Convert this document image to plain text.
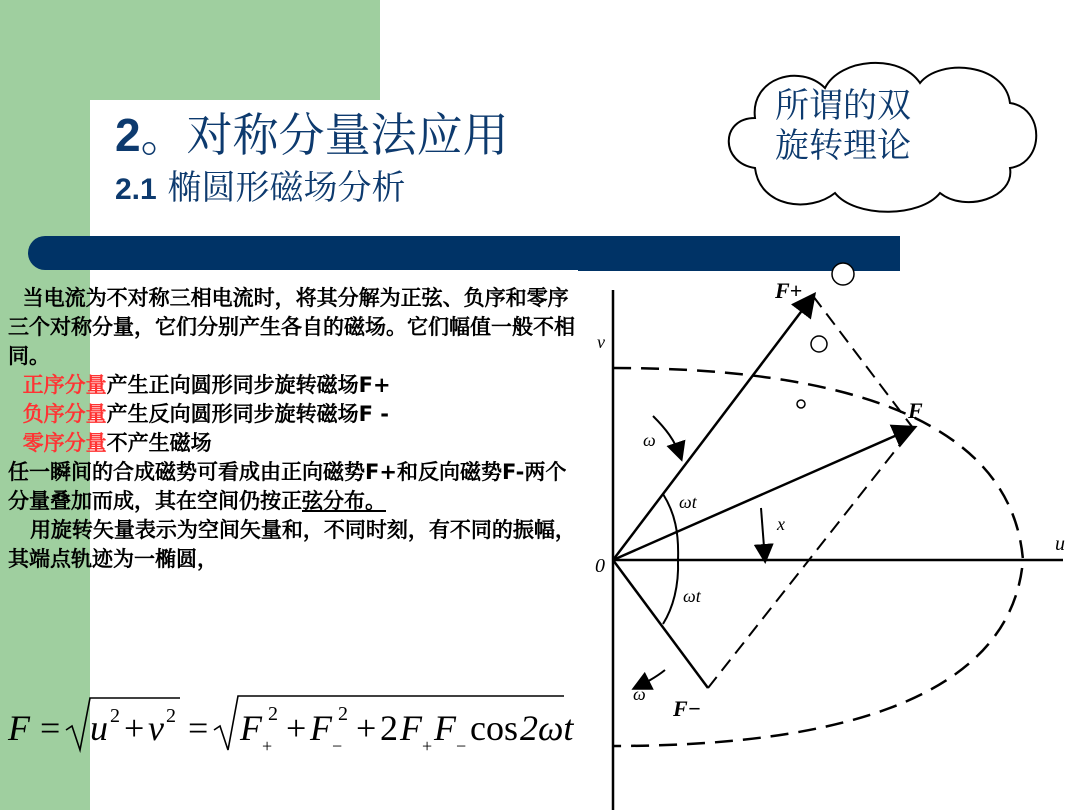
2。对称分量法应用
2.1 椭圆形磁场分析
所谓的双
旋转理论

当电流为不对称三相电流时，将其分解为正弦、负序和零序三个对称分量，它们分别产生各自的磁场。它们幅值一般不相同。

正序分量产生正向圆形同步旋转磁场F+

负序分量产生反向圆形同步旋转磁场F -

零序分量不产生磁场

任一瞬间的合成磁势可看成由正向磁势F+和反向磁势F-两个分量叠加而成，其在空间仍按正弦分布。

用旋转矢量表示为空间矢量和，不同时刻，有不同的振幅，其端点轨迹为一椭圆，

F = u 2 + v 2 = F +
2 + F −
2 + 2 F + F − cos 2ωt
F+
F
F−
ω
ωt
ωt
ω
x
v
u
0
